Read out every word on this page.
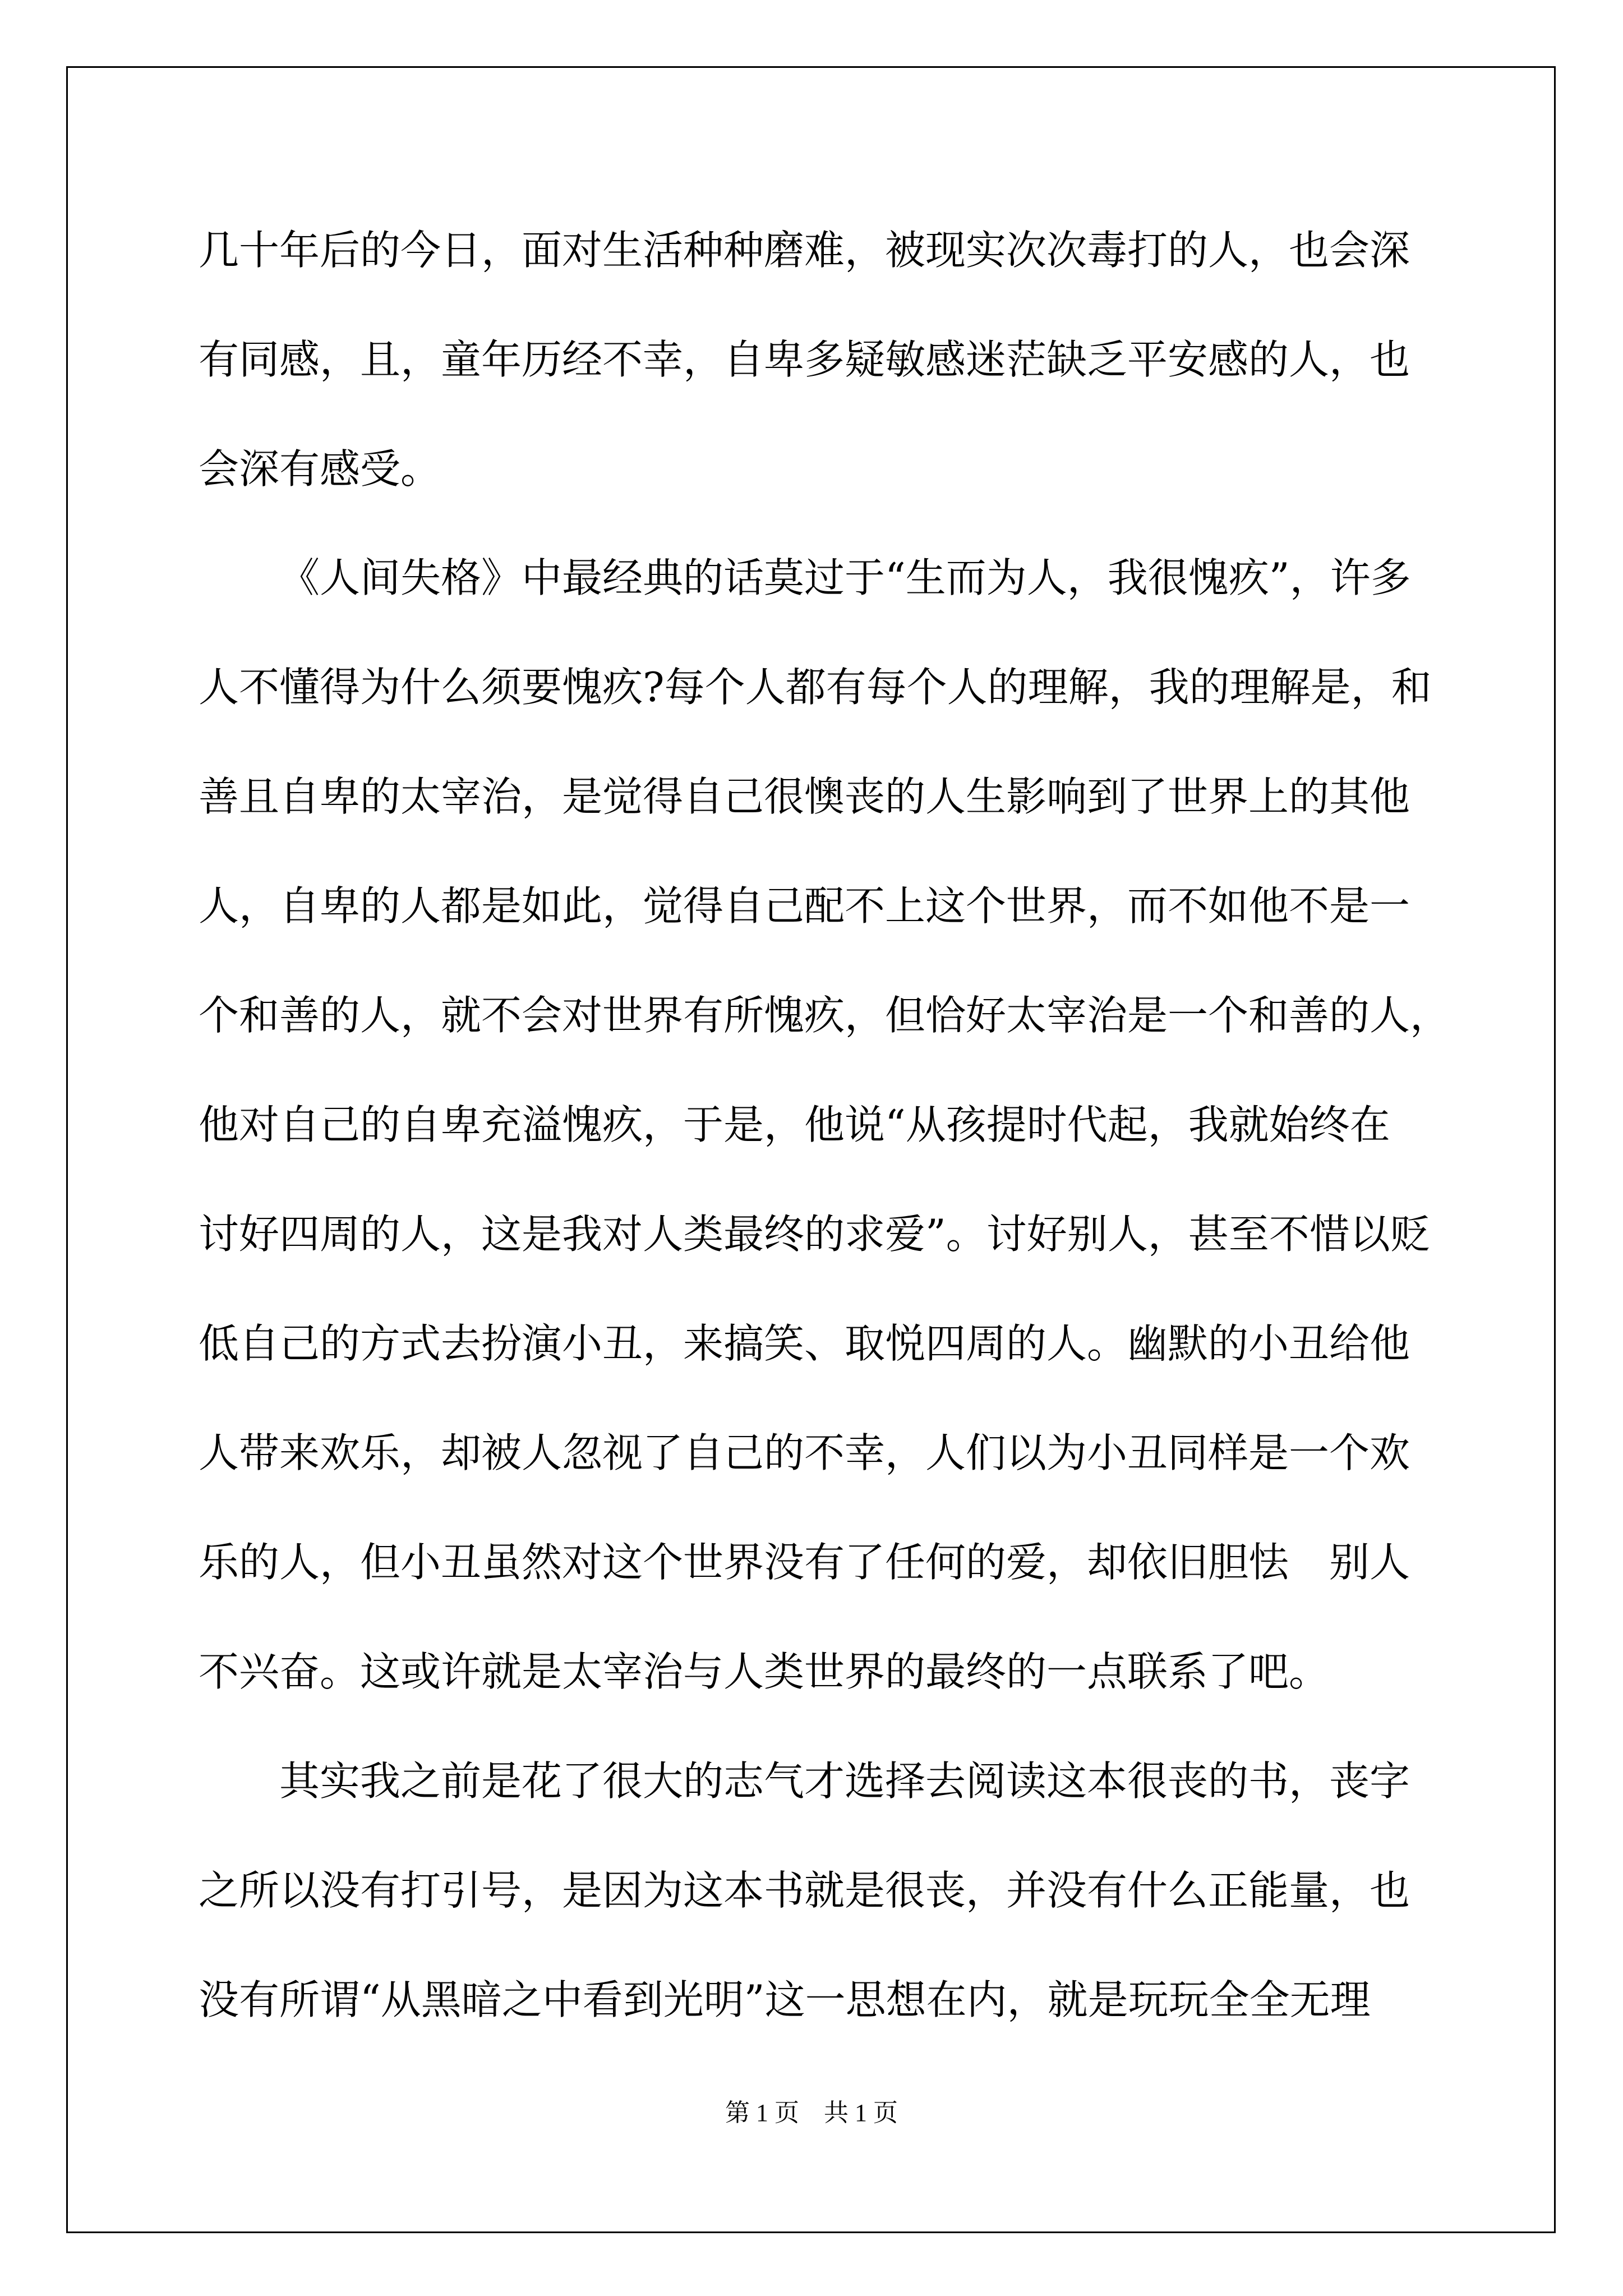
几十年后的今日，面对生活种种磨难，被现实次次毒打的人，也会深
有同感，且，童年历经不幸，自卑多疑敏感迷茫缺乏平安感的人，也
会深有感受。
《人间失格》中最经典的话莫过于“生而为人，我很愧疚”，许多
人不懂得为什么须要愧疚?每个人都有每个人的理解，我的理解是，和
善且自卑的太宰治，是觉得自己很懊丧的人生影响到了世界上的其他
人，自卑的人都是如此，觉得自己配不上这个世界，而不如他不是一
个和善的人，就不会对世界有所愧疚，但恰好太宰治是一个和善的人，
他对自己的自卑充溢愧疚，于是，他说“从孩提时代起，我就始终在
讨好四周的人，这是我对人类最终的求爱”。讨好别人，甚至不惜以贬
低自己的方式去扮演小丑，来搞笑、取悦四周的人。幽默的小丑给他
人带来欢乐，却被人忽视了自己的不幸，人们以为小丑同样是一个欢
乐的人，但小丑虽然对这个世界没有了任何的爱，却依旧胆怯　别人
不兴奋。这或许就是太宰治与人类世界的最终的一点联系了吧。
其实我之前是花了很大的志气才选择去阅读这本很丧的书，丧字
之所以没有打引号，是因为这本书就是很丧，并没有什么正能量，也
没有所谓“从黑暗之中看到光明”这一思想在内，就是玩玩全全无理
第 1 页　共 1 页
